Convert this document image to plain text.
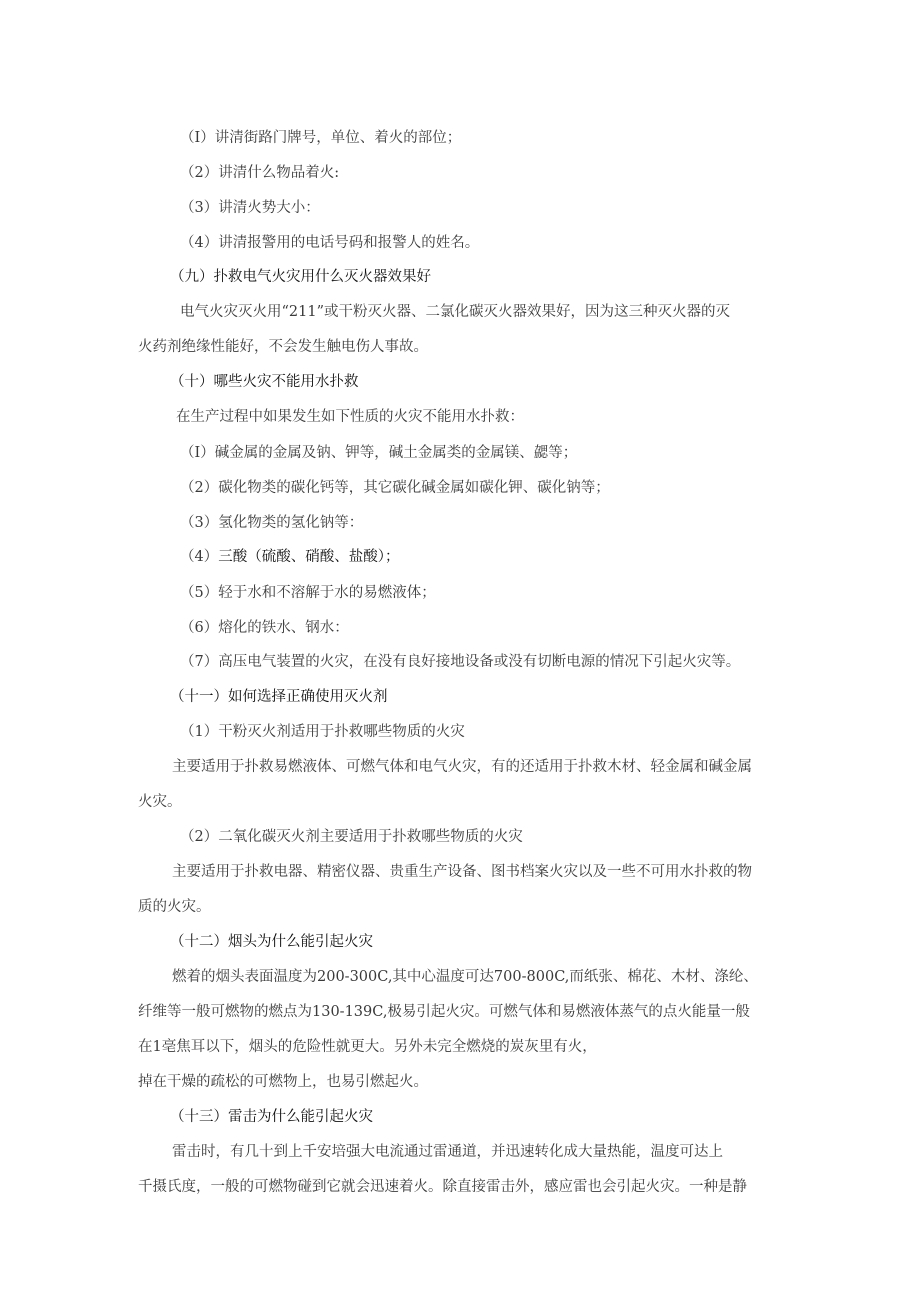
（I）讲清街路门牌号，单位、着火的部位；
（2）讲清什么物品着火:
（3）讲清火势大小：
（4）讲清报警用的电话号码和报警人的姓名。
（九）扑救电气火灾用什么灭火器效果好
电气火灾灭火用“211”或干粉灭火器、二氯化碳灭火器效果好，因为这三种灭火器的灭
火药剂绝缘性能好，不会发生触电伤人事故。
（十）哪些火灾不能用水扑救
在生产过程中如果发生如下性质的火灾不能用水扑救：
（I）碱金属的金属及钠、钾等，碱土金属类的金属镁、勰等；
（2）碳化物类的碳化钙等，其它碳化碱金属如碳化钾、碳化钠等；
（3）氢化物类的氢化钠等：
（4）三酸（硫酸、硝酸、盐酸）；
（5）轻于水和不溶解于水的易燃液体；
（6）熔化的铁水、钢水：
（7）高压电气装置的火灾，在没有良好接地设备或没有切断电源的情况下引起火灾等。
（十一）如何选择正确使用灭火剂
（1）干粉灭火剂适用于扑救哪些物质的火灾
主要适用于扑救易燃液体、可燃气体和电气火灾，有的还适用于扑救木材、轻金属和碱金属
火灾。
（2）二氧化碳灭火剂主要适用于扑救哪些物质的火灾
主要适用于扑救电器、精密仪器、贵重生产设备、图书档案火灾以及一些不可用水扑救的物
质的火灾。
（十二）烟头为什么能引起火灾
燃着的烟头表面温度为200-300C,其中心温度可达700-800C,而纸张、棉花、木材、涤纶、
纤维等一般可燃物的燃点为130-139C,极易引起火灾。可燃气体和易燃液体蒸气的点火能量一般
在1亳焦耳以下，烟头的危险性就更大。另外未完全燃烧的炭灰里有火，
掉在干燥的疏松的可燃物上，也易引燃起火。
（十三）雷击为什么能引起火灾
雷击时，有几十到上千安培强大电流通过雷通道，并迅速转化成大量热能，温度可达上
千摄氏度，一般的可燃物碰到它就会迅速着火。除直接雷击外，感应雷也会引起火灾。一种是静
